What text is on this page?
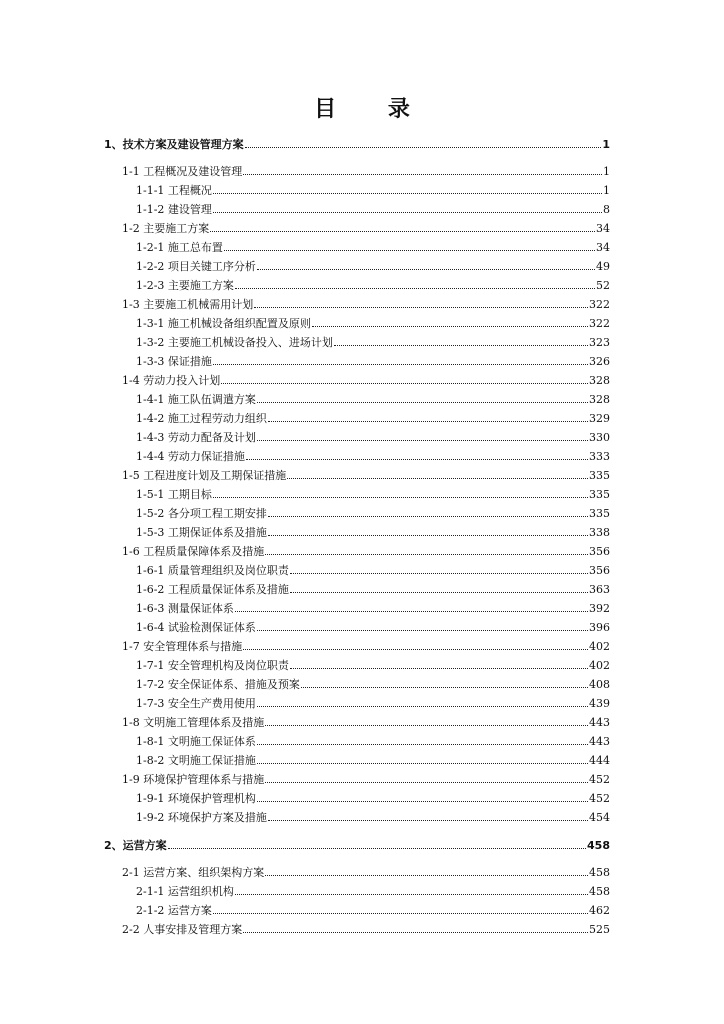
目 录
1、技术方案及建设管理方案	1
1-1 工程概况及建设管理	1
1-1-1 工程概况	1
1-1-2 建设管理	8
1-2 主要施工方案	34
1-2-1 施工总布置	34
1-2-2 项目关键工序分析	49
1-2-3 主要施工方案	52
1-3 主要施工机械需用计划	322
1-3-1 施工机械设备组织配置及原则	322
1-3-2 主要施工机械设备投入、进场计划	323
1-3-3 保证措施	326
1-4 劳动力投入计划	328
1-4-1 施工队伍调遣方案	328
1-4-2 施工过程劳动力组织	329
1-4-3 劳动力配备及计划	330
1-4-4 劳动力保证措施	333
1-5 工程进度计划及工期保证措施	335
1-5-1 工期目标	335
1-5-2 各分项工程工期安排	335
1-5-3 工期保证体系及措施	338
1-6 工程质量保障体系及措施	356
1-6-1 质量管理组织及岗位职责	356
1-6-2 工程质量保证体系及措施	363
1-6-3 测量保证体系	392
1-6-4 试验检测保证体系	396
1-7 安全管理体系与措施	402
1-7-1 安全管理机构及岗位职责	402
1-7-2 安全保证体系、措施及预案	408
1-7-3 安全生产费用使用	439
1-8 文明施工管理体系及措施	443
1-8-1 文明施工保证体系	443
1-8-2 文明施工保证措施	444
1-9 环境保护管理体系与措施	452
1-9-1 环境保护管理机构	452
1-9-2 环境保护方案及措施	454
2、运营方案	458
2-1 运营方案、组织架构方案	458
2-1-1 运营组织机构	458
2-1-2 运营方案	462
2-2 人事安排及管理方案	525
